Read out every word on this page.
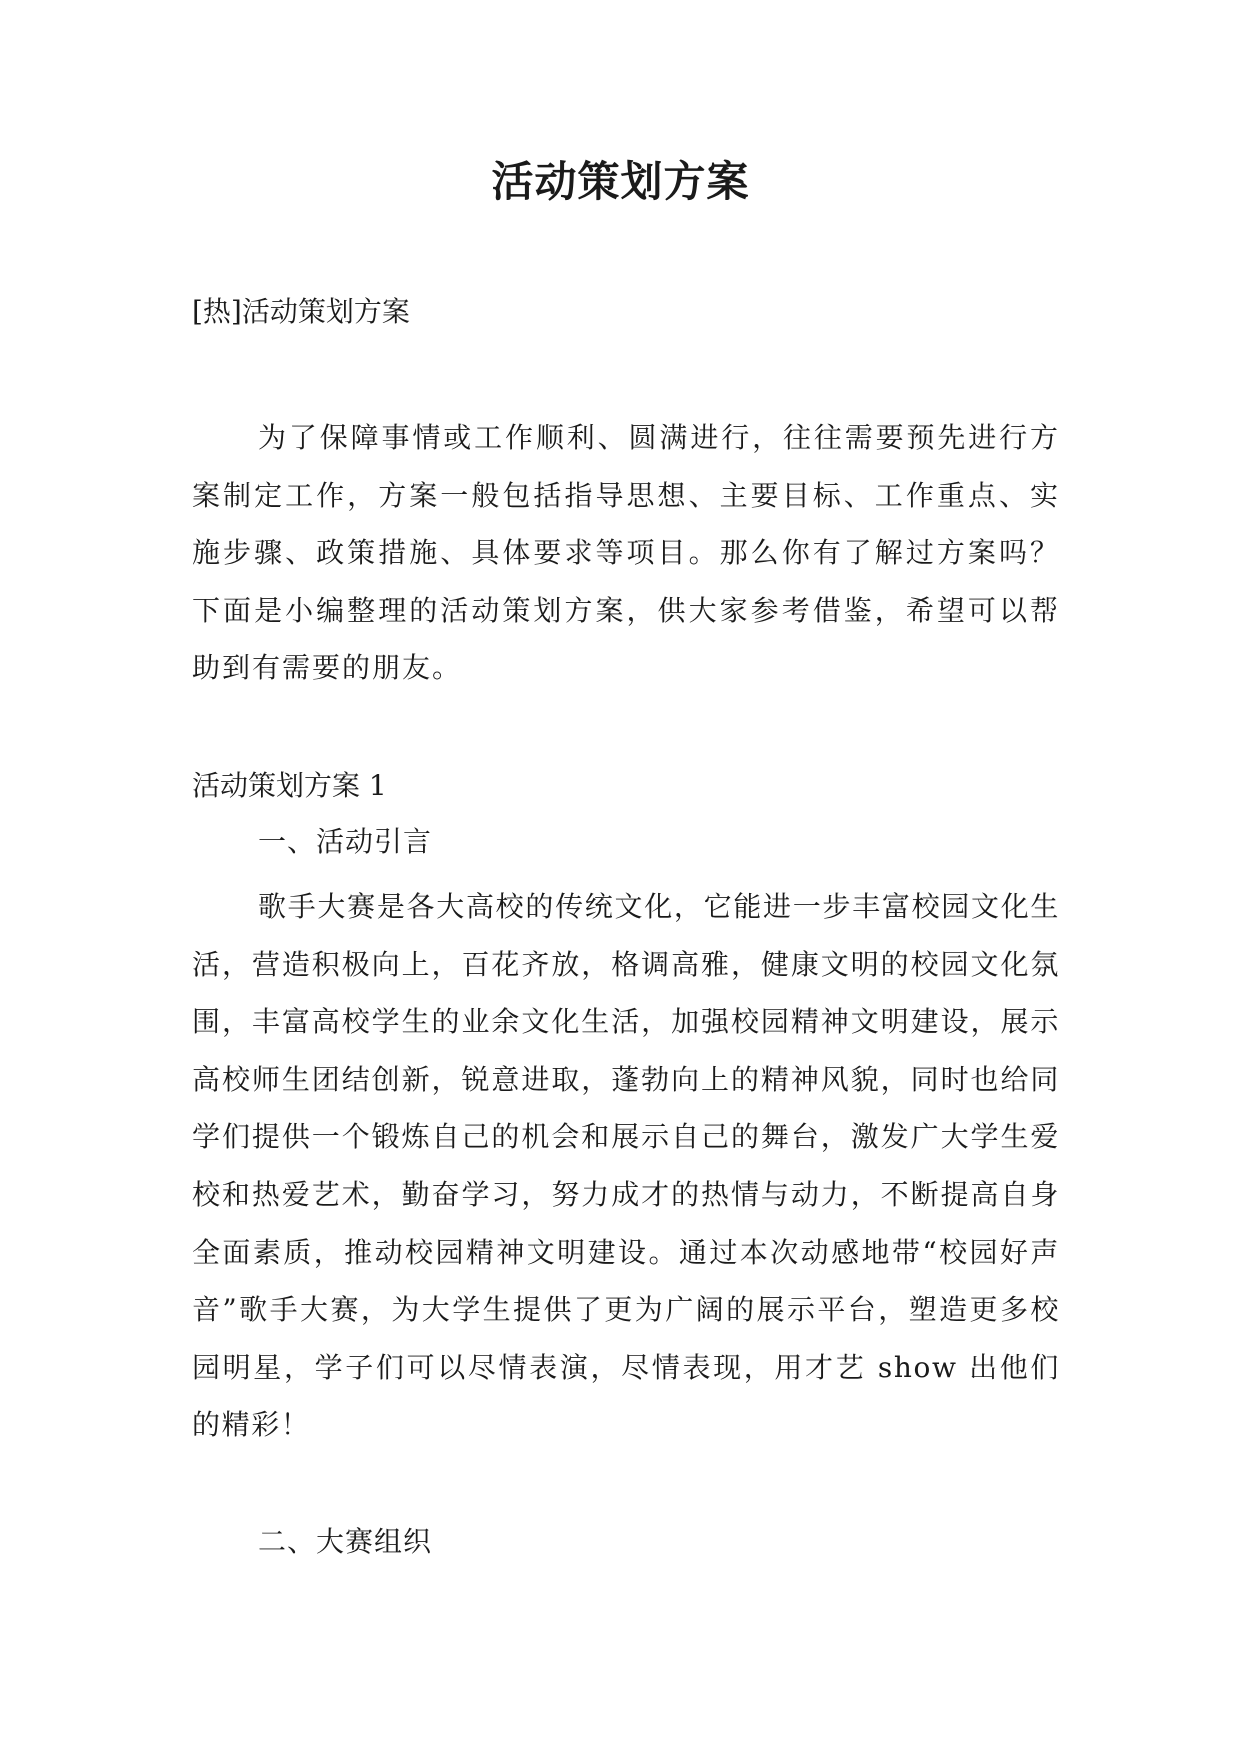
活动策划方案

[热]活动策划方案

为了保障事情或工作顺利、圆满进行，往往需要预先进行方案制定工作，方案一般包括指导思想、主要目标、工作重点、实施步骤、政策措施、具体要求等项目。那么你有了解过方案吗？下面是小编整理的活动策划方案，供大家参考借鉴，希望可以帮助到有需要的朋友。

活动策划方案 1

一、活动引言

歌手大赛是各大高校的传统文化，它能进一步丰富校园文化生活，营造积极向上，百花齐放，格调高雅，健康文明的校园文化氛围，丰富高校学生的业余文化生活，加强校园精神文明建设，展示高校师生团结创新，锐意进取，蓬勃向上的精神风貌，同时也给同学们提供一个锻炼自己的机会和展示自己的舞台，激发广大学生爱校和热爱艺术，勤奋学习，努力成才的热情与动力，不断提高自身全面素质，推动校园精神文明建设。通过本次动感地带“校园好声音”歌手大赛，为大学生提供了更为广阔的展示平台，塑造更多校园明星，学子们可以尽情表演，尽情表现，用才艺 show 出他们的精彩！

二、大赛组织
